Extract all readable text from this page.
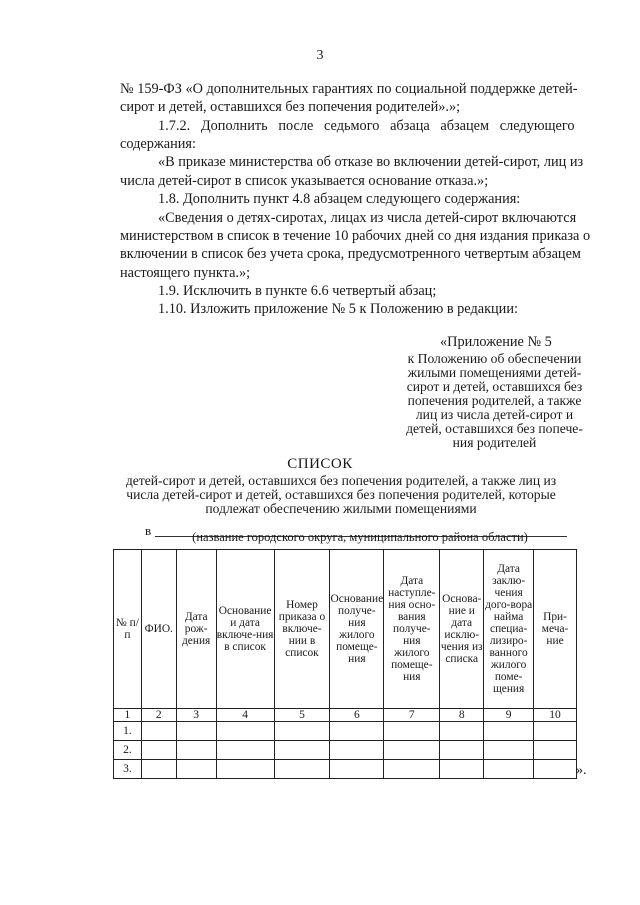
3
№ 159-ФЗ «О дополнительных гарантиях по социальной поддержке детей-
сирот и детей, оставшихся без попечения родителей».»;
1.7.2.   Дополнить   после   седьмого   абзаца   абзацем   следующего
содержания:
«В приказе министерства об отказе во включении детей-сирот, лиц из
числа детей-сирот в список указывается основание отказа.»;
1.8. Дополнить пункт 4.8 абзацем следующего содержания:
«Сведения о детях-сиротах, лицах из числа детей-сирот включаются
министерством в список в течение 10 рабочих дней со дня издания приказа о
включении в список без учета срока, предусмотренного четвертым абзацем
настоящего пункта.»;
1.9. Исключить в пункте 6.6 четвертый абзац;
1.10. Изложить приложение № 5 к Положению в редакции:
«Приложение № 5
к Положению об обеспечении
жилыми помещениями детей-
сирот и детей, оставшихся без
попечения родителей, а также
лиц из числа детей-сирот и
детей, оставшихся без попече-
ния родителей
СПИСОК
детей-сирот и детей, оставшихся без попечения родителей, а также лиц из
числа детей-сирот и детей, оставшихся без попечения родителей, которые
подлежат обеспечению жилыми помещениями
в	(название городского округа, муниципального района области)
№ п/п	ФИО.	Дата рож-дения	Основание и дата включе-ния в список	Номер приказа о включе-нии в список	Основание получе-ния жилого помеще-ния	Дата наступле-ния осно-вания получе-ния жилого помеще-ния	Основа-ние и дата исклю-чения из списка	Дата заклю-чения дого-вора найма специа-лизиро-ванного жилого поме-щения	При-меча-ние
1	2	3	4	5	6	7	8	9	10
1.									
2.									
3.										».
